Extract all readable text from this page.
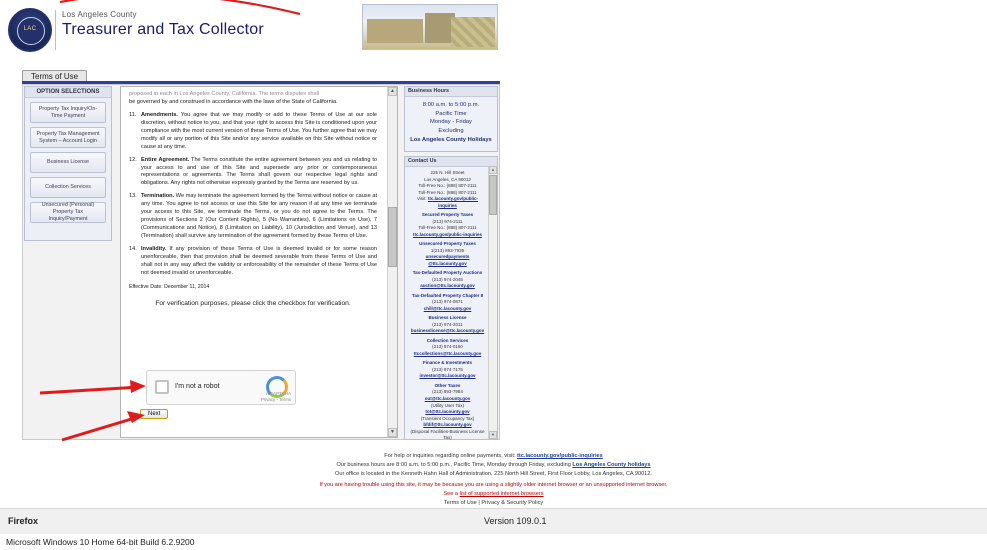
LAC
Los Angeles County
Treasurer and Tax Collector
Terms of Use
OPTION SELECTIONS
Property Tax Inquiry/On-Time Payment
Property Tax Management System – Account Login
Business License
Collection Services
Unsecured (Personal) Property Tax Inquiry/Payment
proposed in each in Los Angeles County, California. The terms disputes shall
be governed by and construed in accordance with the laws of the State of California.
11. Amendments. You agree that we may modify or add to these Terms of Use at our sole discretion, without notice to you, and that your right to access this Site is conditioned upon your compliance with the most current version of these Terms of Use. You further agree that we may modify all or any portion of this Site and/or any service available on this Site without notice or cause at any time.
12. Entire Agreement. The Terms constitute the entire agreement between you and us relating to your access to and use of this Site and supersede any prior or contemporaneous representations or agreements. The Terms shall govern our respective legal rights and obligations. Any rights not otherwise expressly granted by the Terms are reserved by us.
13. Termination. We may terminate the agreement formed by the Terms without notice or cause at any time. You agree to not access or use this Site for any reason if at any time we terminate your access to this Site, we terminate the Terms, or you do not agree to the Terms. The provisions of Sections 2 (Our Content Rights), 5 (No Warranties), 6 (Limitations on Use), 7 (Communications and Notice), 8 (Limitation on Liability), 10 (Jurisdiction and Venue), and 13 (Termination) shall survive any termination of the agreement formed by these Terms of Use.
14. Invalidity. If any provision of these Terms of Use is deemed invalid or for some reason unenforceable, then that provision shall be deemed severable from these Terms of Use and shall not in any way affect the validity or enforceability of the remainder of these Terms of Use not deemed invalid or unenforceable.
Effective Date: December 11, 2014
For verification purposes, please click the checkbox for verification.
▲
▼
I'm not a robot
reCAPTCHA
Privacy - Terms
Next
Business Hours
8:00 a.m. to 5:00 p.m.
Pacific Time
Monday - Friday
Excluding
Los Angeles County Holidays
Contact Us
225 N. Hill Street
Los Angeles, CA 90012
Toll-Free No.: (888) 807-2111
Toll-Free No.: (888) 807-2111
Visit: ttc.lacounty.gov/public-inquiries
Secured Property Taxes
(213) 974-2111
Toll-Free No.: (888) 807-2111
ttc.lacounty.gov/public-inquiries
Unsecured Property Taxes
1(213) 893-7935
unsecuredpayments
@ttc.lacounty.gov
Tax-Defaulted Property Auctions
(213) 974-2045
auction@ttc.lacounty.gov
Tax-Defaulted Property Chapter 8
(213) 974-0871
chill@ttc.lacounty.gov
Business License
(213) 974-2011
businesslicense@ttc.lacounty.gov
Collection Services
(213) 974-0160
ttccollections@ttc.lacounty.gov
Finance & Investments
(213) 974-7175
investor@ttc.lacounty.gov
Other Taxes
(213) 893-7984
out@ttc.lacounty.gov
(Utility User Tax)
tot@ttc.lacounty.gov
(Transient Occupancy Tax)
bfdif@ttc.lacounty.gov
(Disposal Facilities-Business License Tax)
▲
▼
For help or inquiries regarding online payments, visit: ttc.lacounty.gov/public-inquiries
Our business hours are 8:00 a.m. to 5:00 p.m., Pacific Time, Monday through Friday, excluding Los Angeles County holidays
Our office is located in the Kenneth Hahn Hall of Administration, 225 North Hill Street, First Floor Lobby, Los Angeles, CA 90012.
If you are having trouble using this site, it may be because you are using a slightly older internet browser or an unsupported internet browser.
See a list of supported internet browsers
Terms of Use | Privacy & Security Policy
Firefox	Version 109.0.1
Microsoft Windows 10 Home 64-bit Build 6.2.9200
